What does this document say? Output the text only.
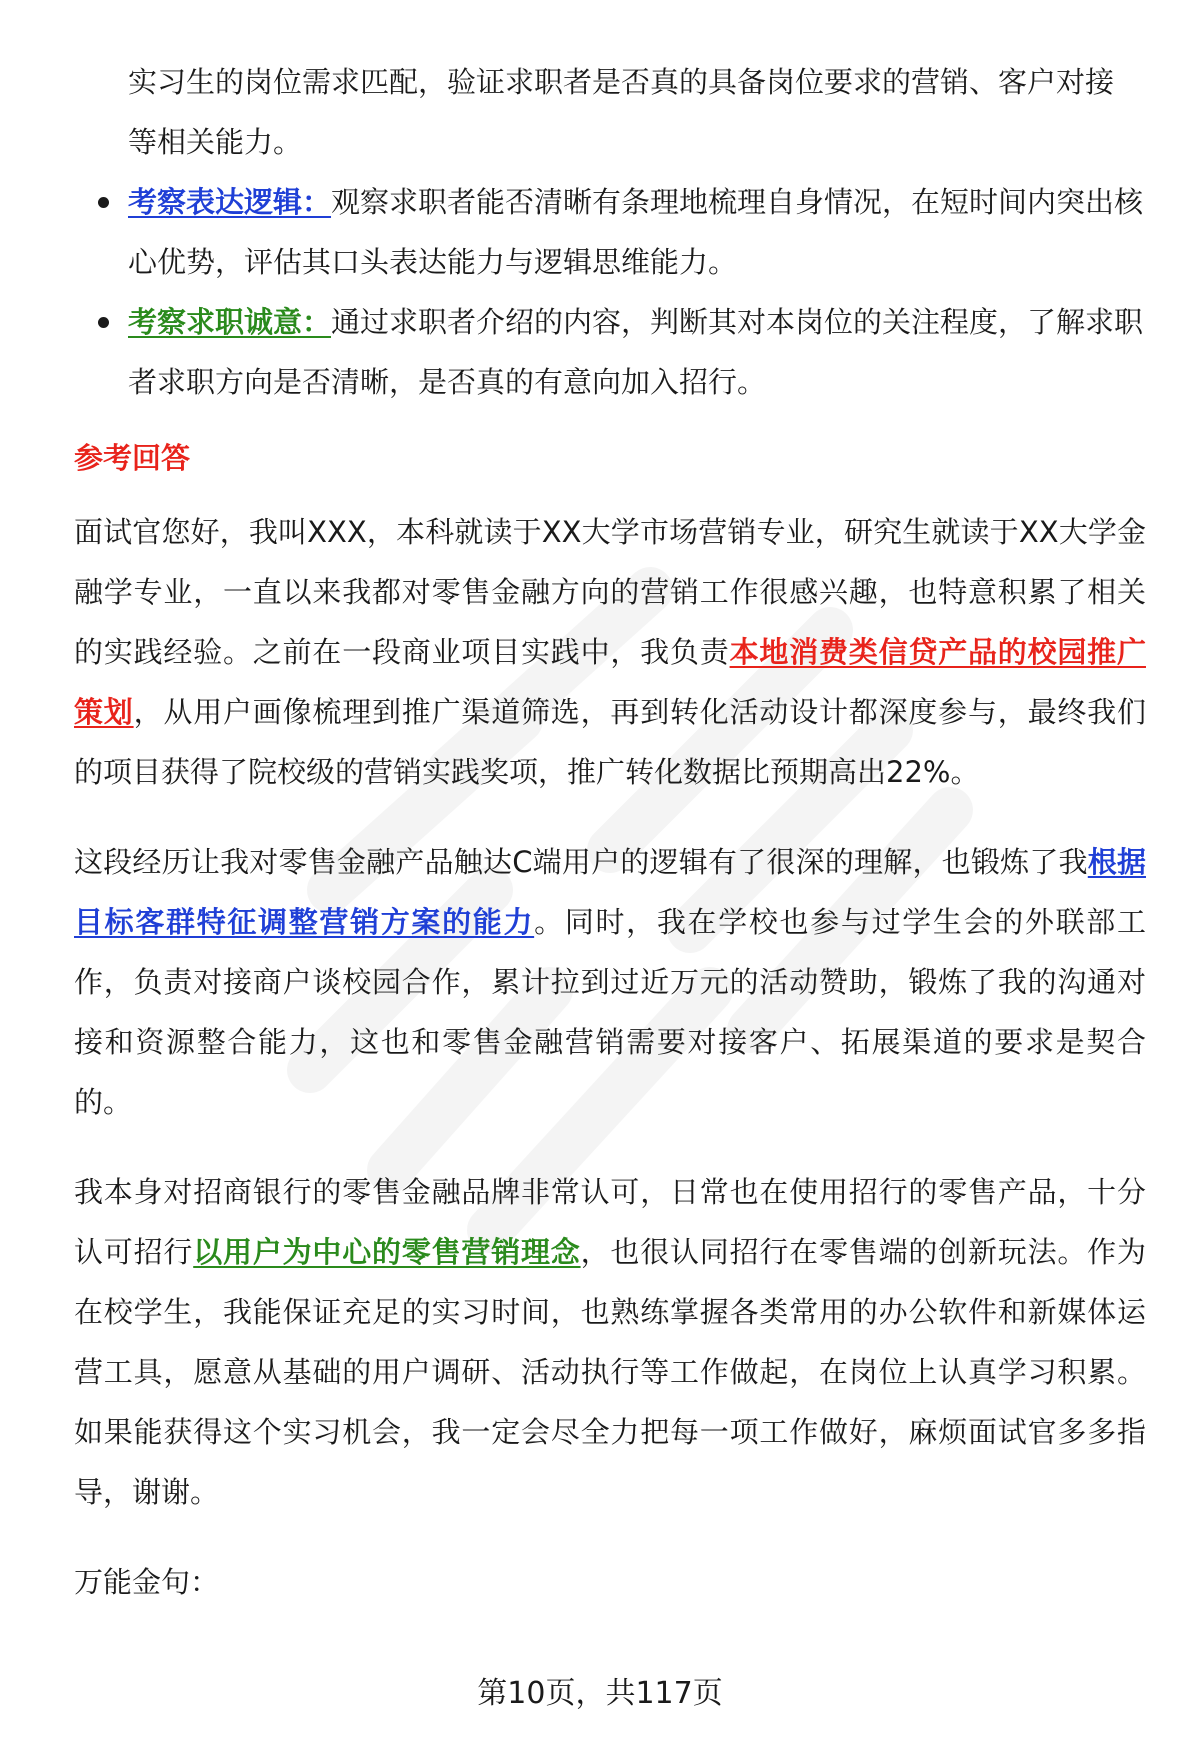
实习生的岗位需求匹配，验证求职者是否真的具备岗位要求的营销、客户对接
等相关能力。
考察表达逻辑：观察求职者能否清晰有条理地梳理自身情况，在短时间内突出核心优势，评估其口头表达能力与逻辑思维能力。
考察求职诚意：通过求职者介绍的内容，判断其对本岗位的关注程度，了解求职者求职方向是否清晰，是否真的有意向加入招行。
参考回答

面试官您好，我叫XXX，本科就读于XX大学市场营销专业，研究生就读于XX大学金融学专业，一直以来我都对零售金融方向的营销工作很感兴趣，也特意积累了相关的实践经验。之前在一段商业项目实践中，我负责本地消费类信贷产品的校园推广策划，从用户画像梳理到推广渠道筛选，再到转化活动设计都深度参与，最终我们的项目获得了院校级的营销实践奖项，推广转化数据比预期高出22%。

这段经历让我对零售金融产品触达C端用户的逻辑有了很深的理解，也锻炼了我根据目标客群特征调整营销方案的能力。同时，我在学校也参与过学生会的外联部工作，负责对接商户谈校园合作，累计拉到过近万元的活动赞助，锻炼了我的沟通对接和资源整合能力，这也和零售金融营销需要对接客户、拓展渠道的要求是契合的。

我本身对招商银行的零售金融品牌非常认可，日常也在使用招行的零售产品，十分认可招行以用户为中心的零售营销理念，也很认同招行在零售端的创新玩法。作为在校学生，我能保证充足的实习时间，也熟练掌握各类常用的办公软件和新媒体运营工具，愿意从基础的用户调研、活动执行等工作做起，在岗位上认真学习积累。如果能获得这个实习机会，我一定会尽全力把每一项工作做好，麻烦面试官多多指导，谢谢。

万能金句：

第10页，共117页
